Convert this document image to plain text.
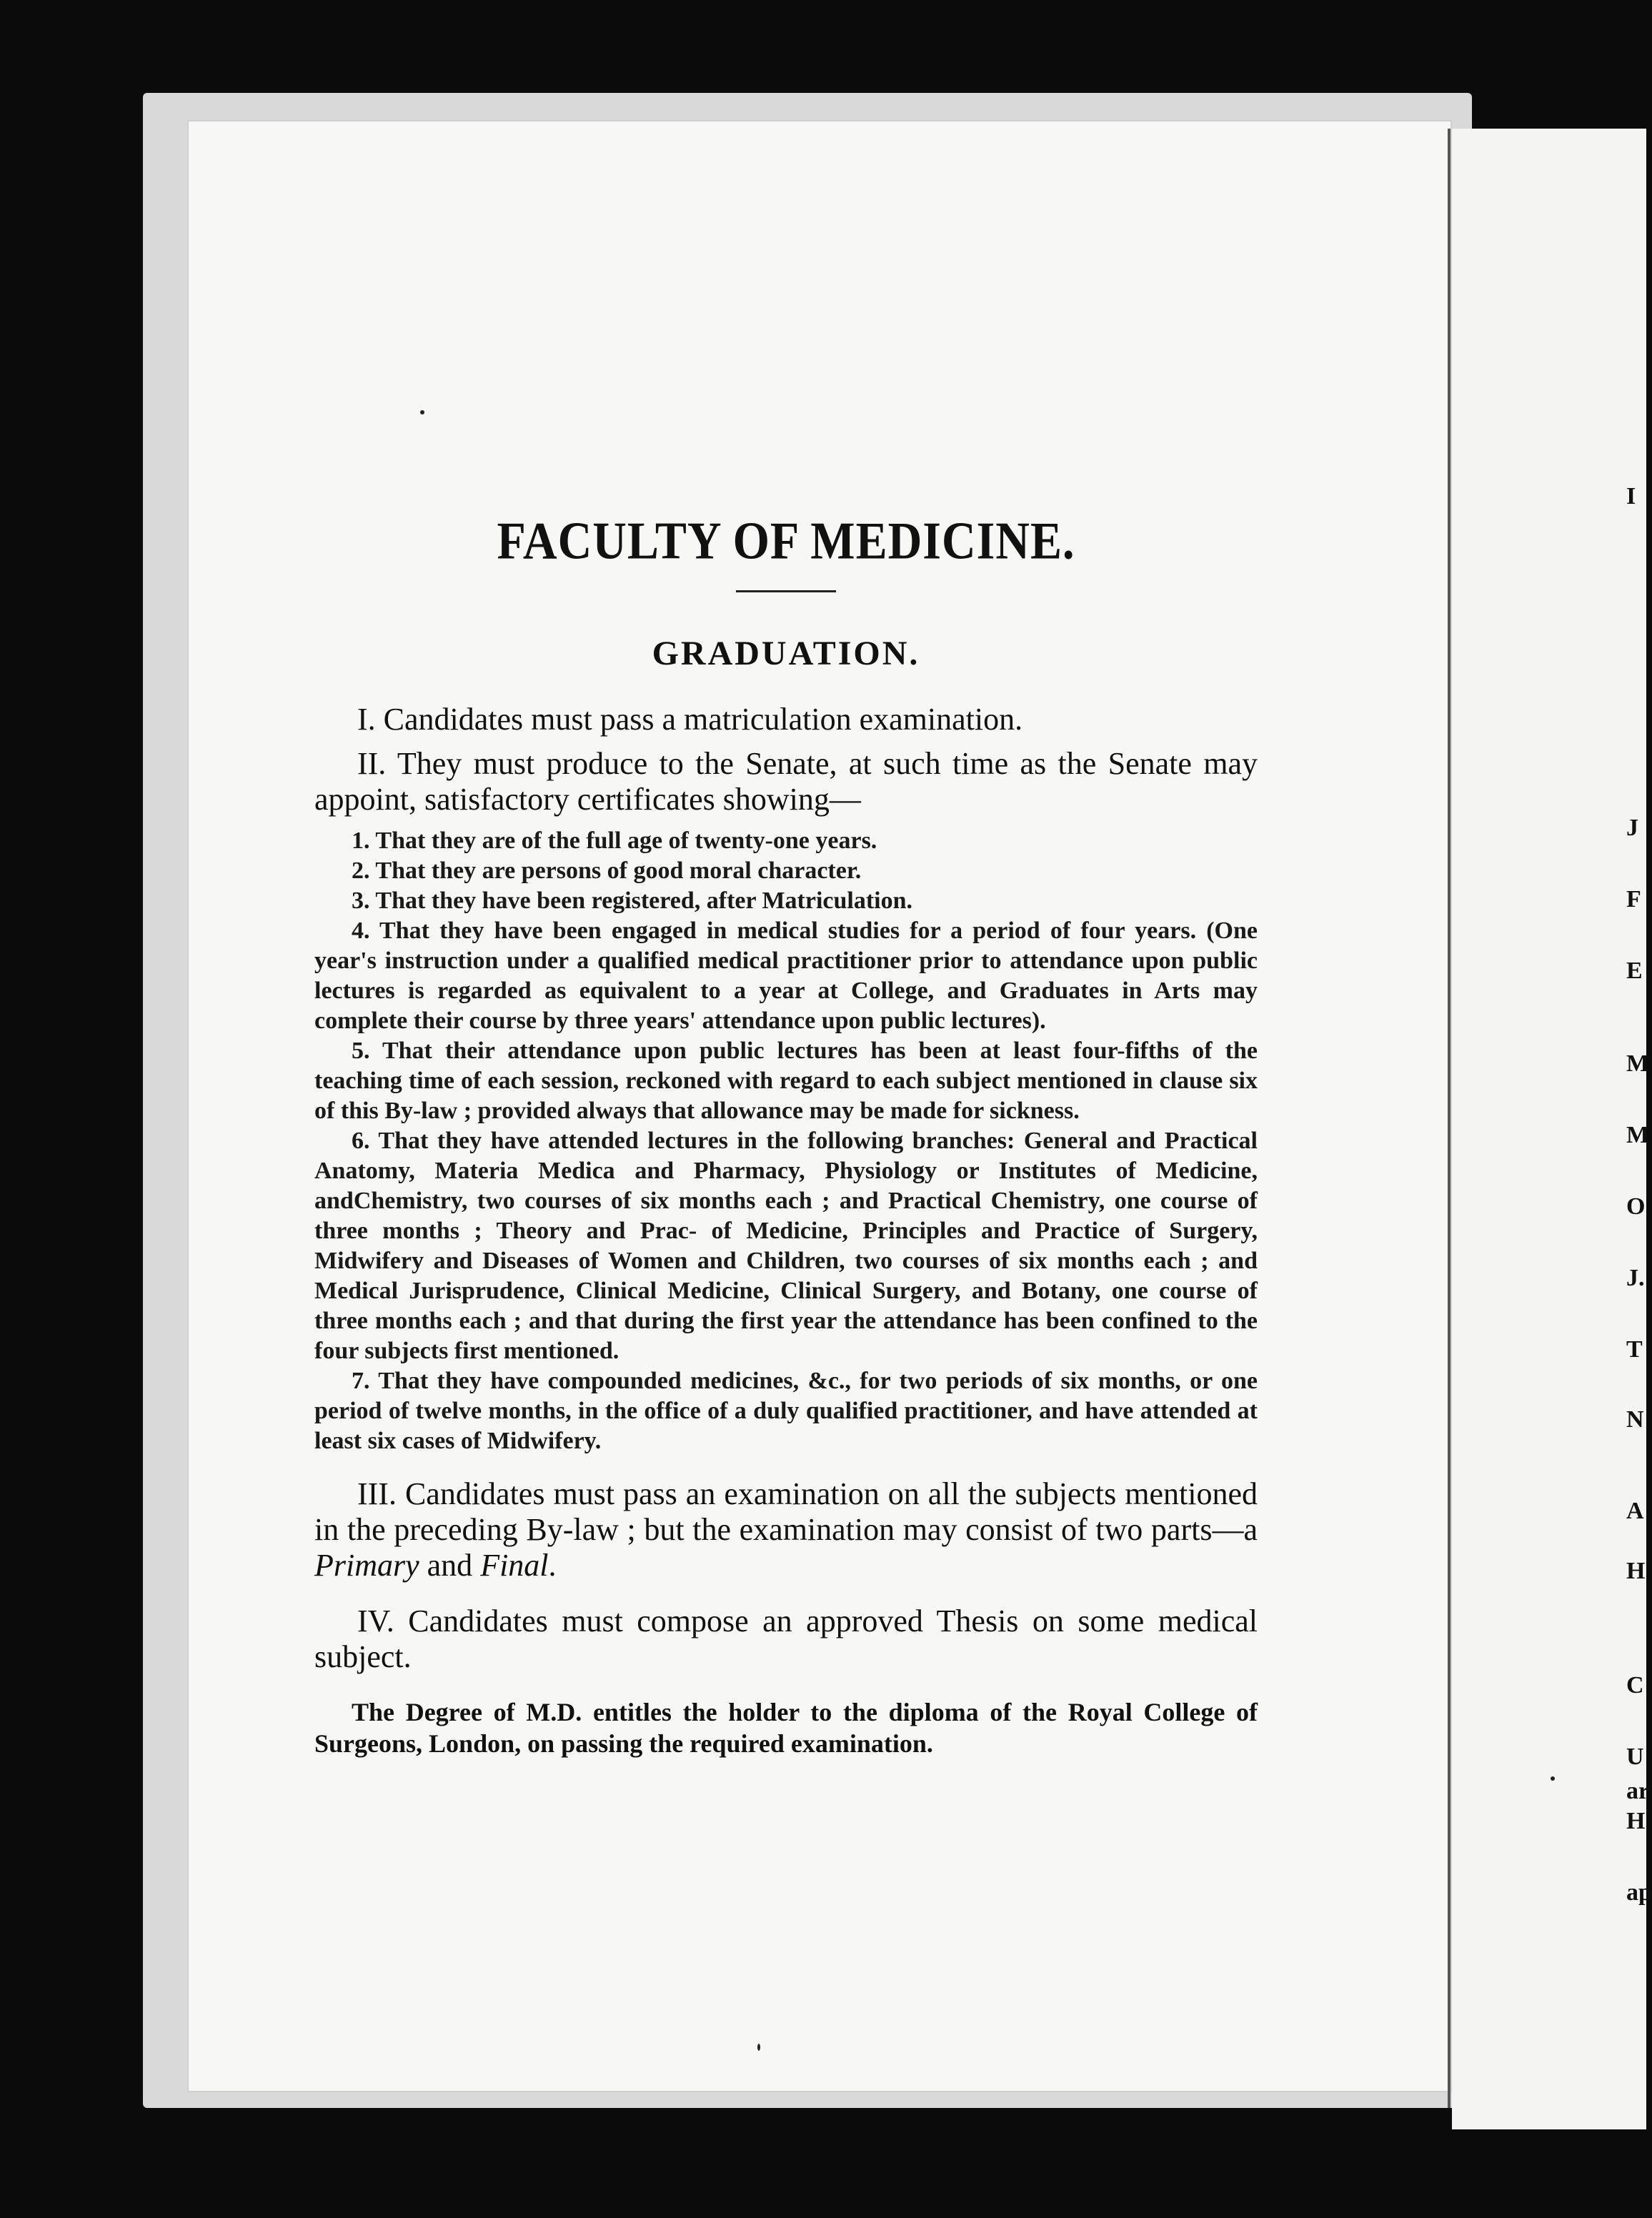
I
J
F
E
M
M
O
J.
T
N
A
H
C
U
ar
H
ap
FACULTY OF MEDICINE.
GRADUATION.

I. Candidates must pass a matriculation examination.

II. They must produce to the Senate, at such time as the Senate may appoint, satisfactory certificates showing—

1. That they are of the full age of twenty-one years.

2. That they are persons of good moral character.

3. That they have been registered, after Matriculation.

4. That they have been engaged in medical studies for a period of four years. (One year's instruction under a qualified medical practitioner prior to attendance upon public lectures is regarded as equivalent to a year at College, and Graduates in Arts may complete their course by three years' attendance upon public lectures).

5. That their attendance upon public lectures has been at least four-fifths of the teaching time of each session, reckoned with regard to each subject mentioned in clause six of this By-law ; provided always that allowance may be made for sickness.

6. That they have attended lectures in the following branches: General and Practical Anatomy, Materia Medica and Pharmacy, Physiology or Institutes of Medicine, andChemistry, two courses of six months each ; and Practical Chemistry, one course of three months ; Theory and Prac- of Medicine, Principles and Practice of Surgery, Midwifery and Diseases of Women and Children, two courses of six months each ; and Medical Jurisprudence, Clinical Medicine, Clinical Surgery, and Botany, one course of three months each ; and that during the first year the attendance has been confined to the four subjects first mentioned.

7. That they have compounded medicines, &c., for two periods of six months, or one period of twelve months, in the office of a duly qualified practitioner, and have attended at least six cases of Midwifery.

III. Candidates must pass an examination on all the subjects mentioned in the preceding By-law ; but the examination may consist of two parts—a Primary and Final.

IV. Candidates must compose an approved Thesis on some medical subject.

The Degree of M.D. entitles the holder to the diploma of the Royal College of Surgeons, London, on passing the required examination.
